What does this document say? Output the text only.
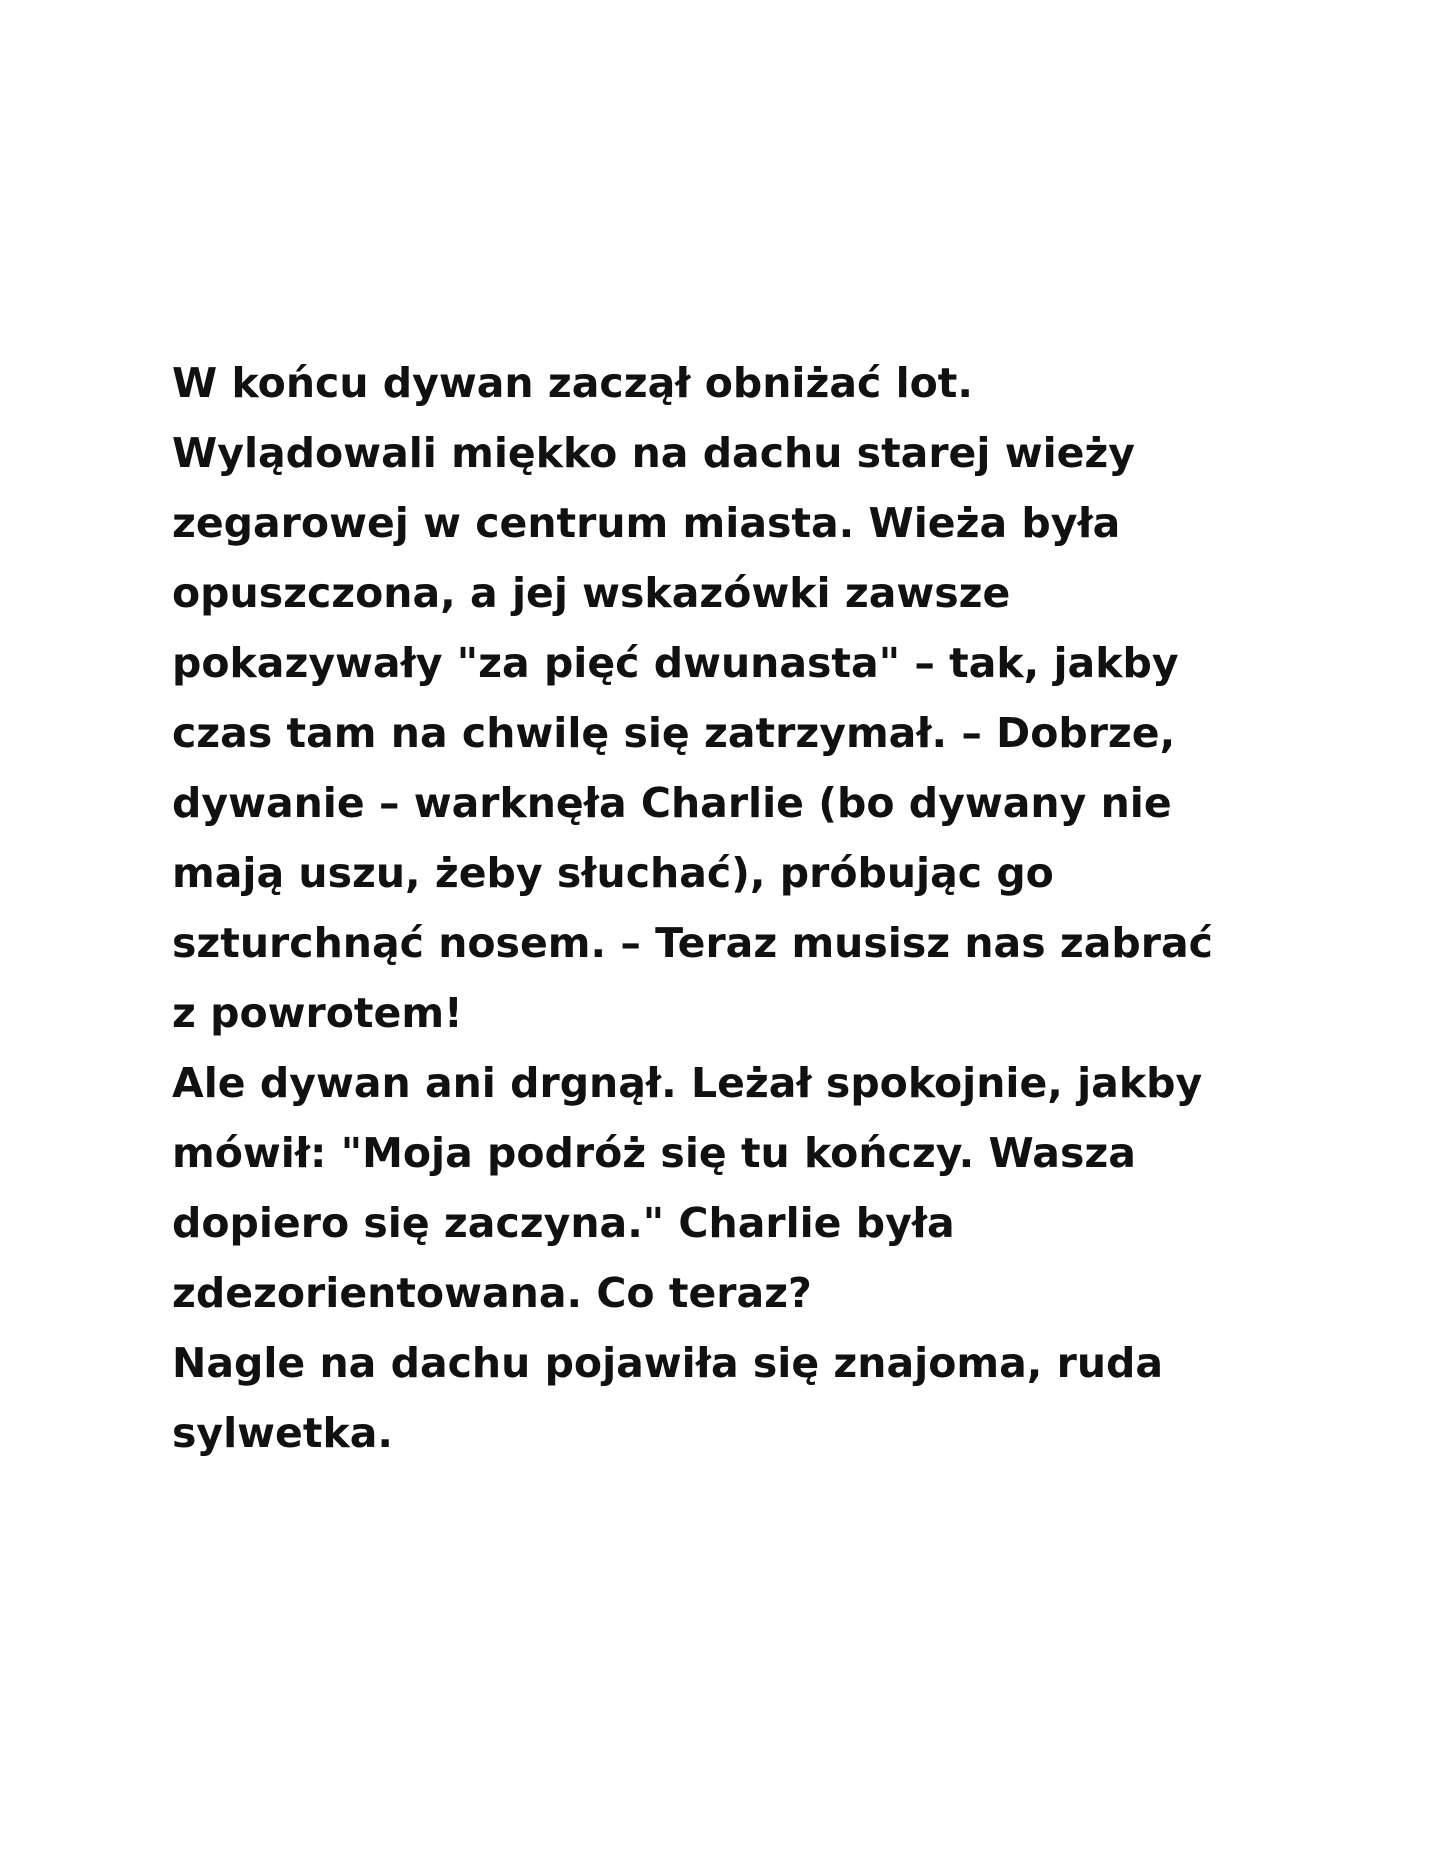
W końcu dywan zaczął obniżać lot.
Wylądowali miękko na dachu starej wieży
zegarowej w centrum miasta. Wieża była
opuszczona, a jej wskazówki zawsze
pokazywały "za pięć dwunasta" – tak, jakby
czas tam na chwilę się zatrzymał. – Dobrze,
dywanie – warknęła Charlie (bo dywany nie
mają uszu, żeby słuchać), próbując go
szturchnąć nosem. – Teraz musisz nas zabrać
z powrotem!
Ale dywan ani drgnął. Leżał spokojnie, jakby
mówił: "Moja podróż się tu kończy. Wasza
dopiero się zaczyna." Charlie była
zdezorientowana. Co teraz?
Nagle na dachu pojawiła się znajoma, ruda
sylwetka.
